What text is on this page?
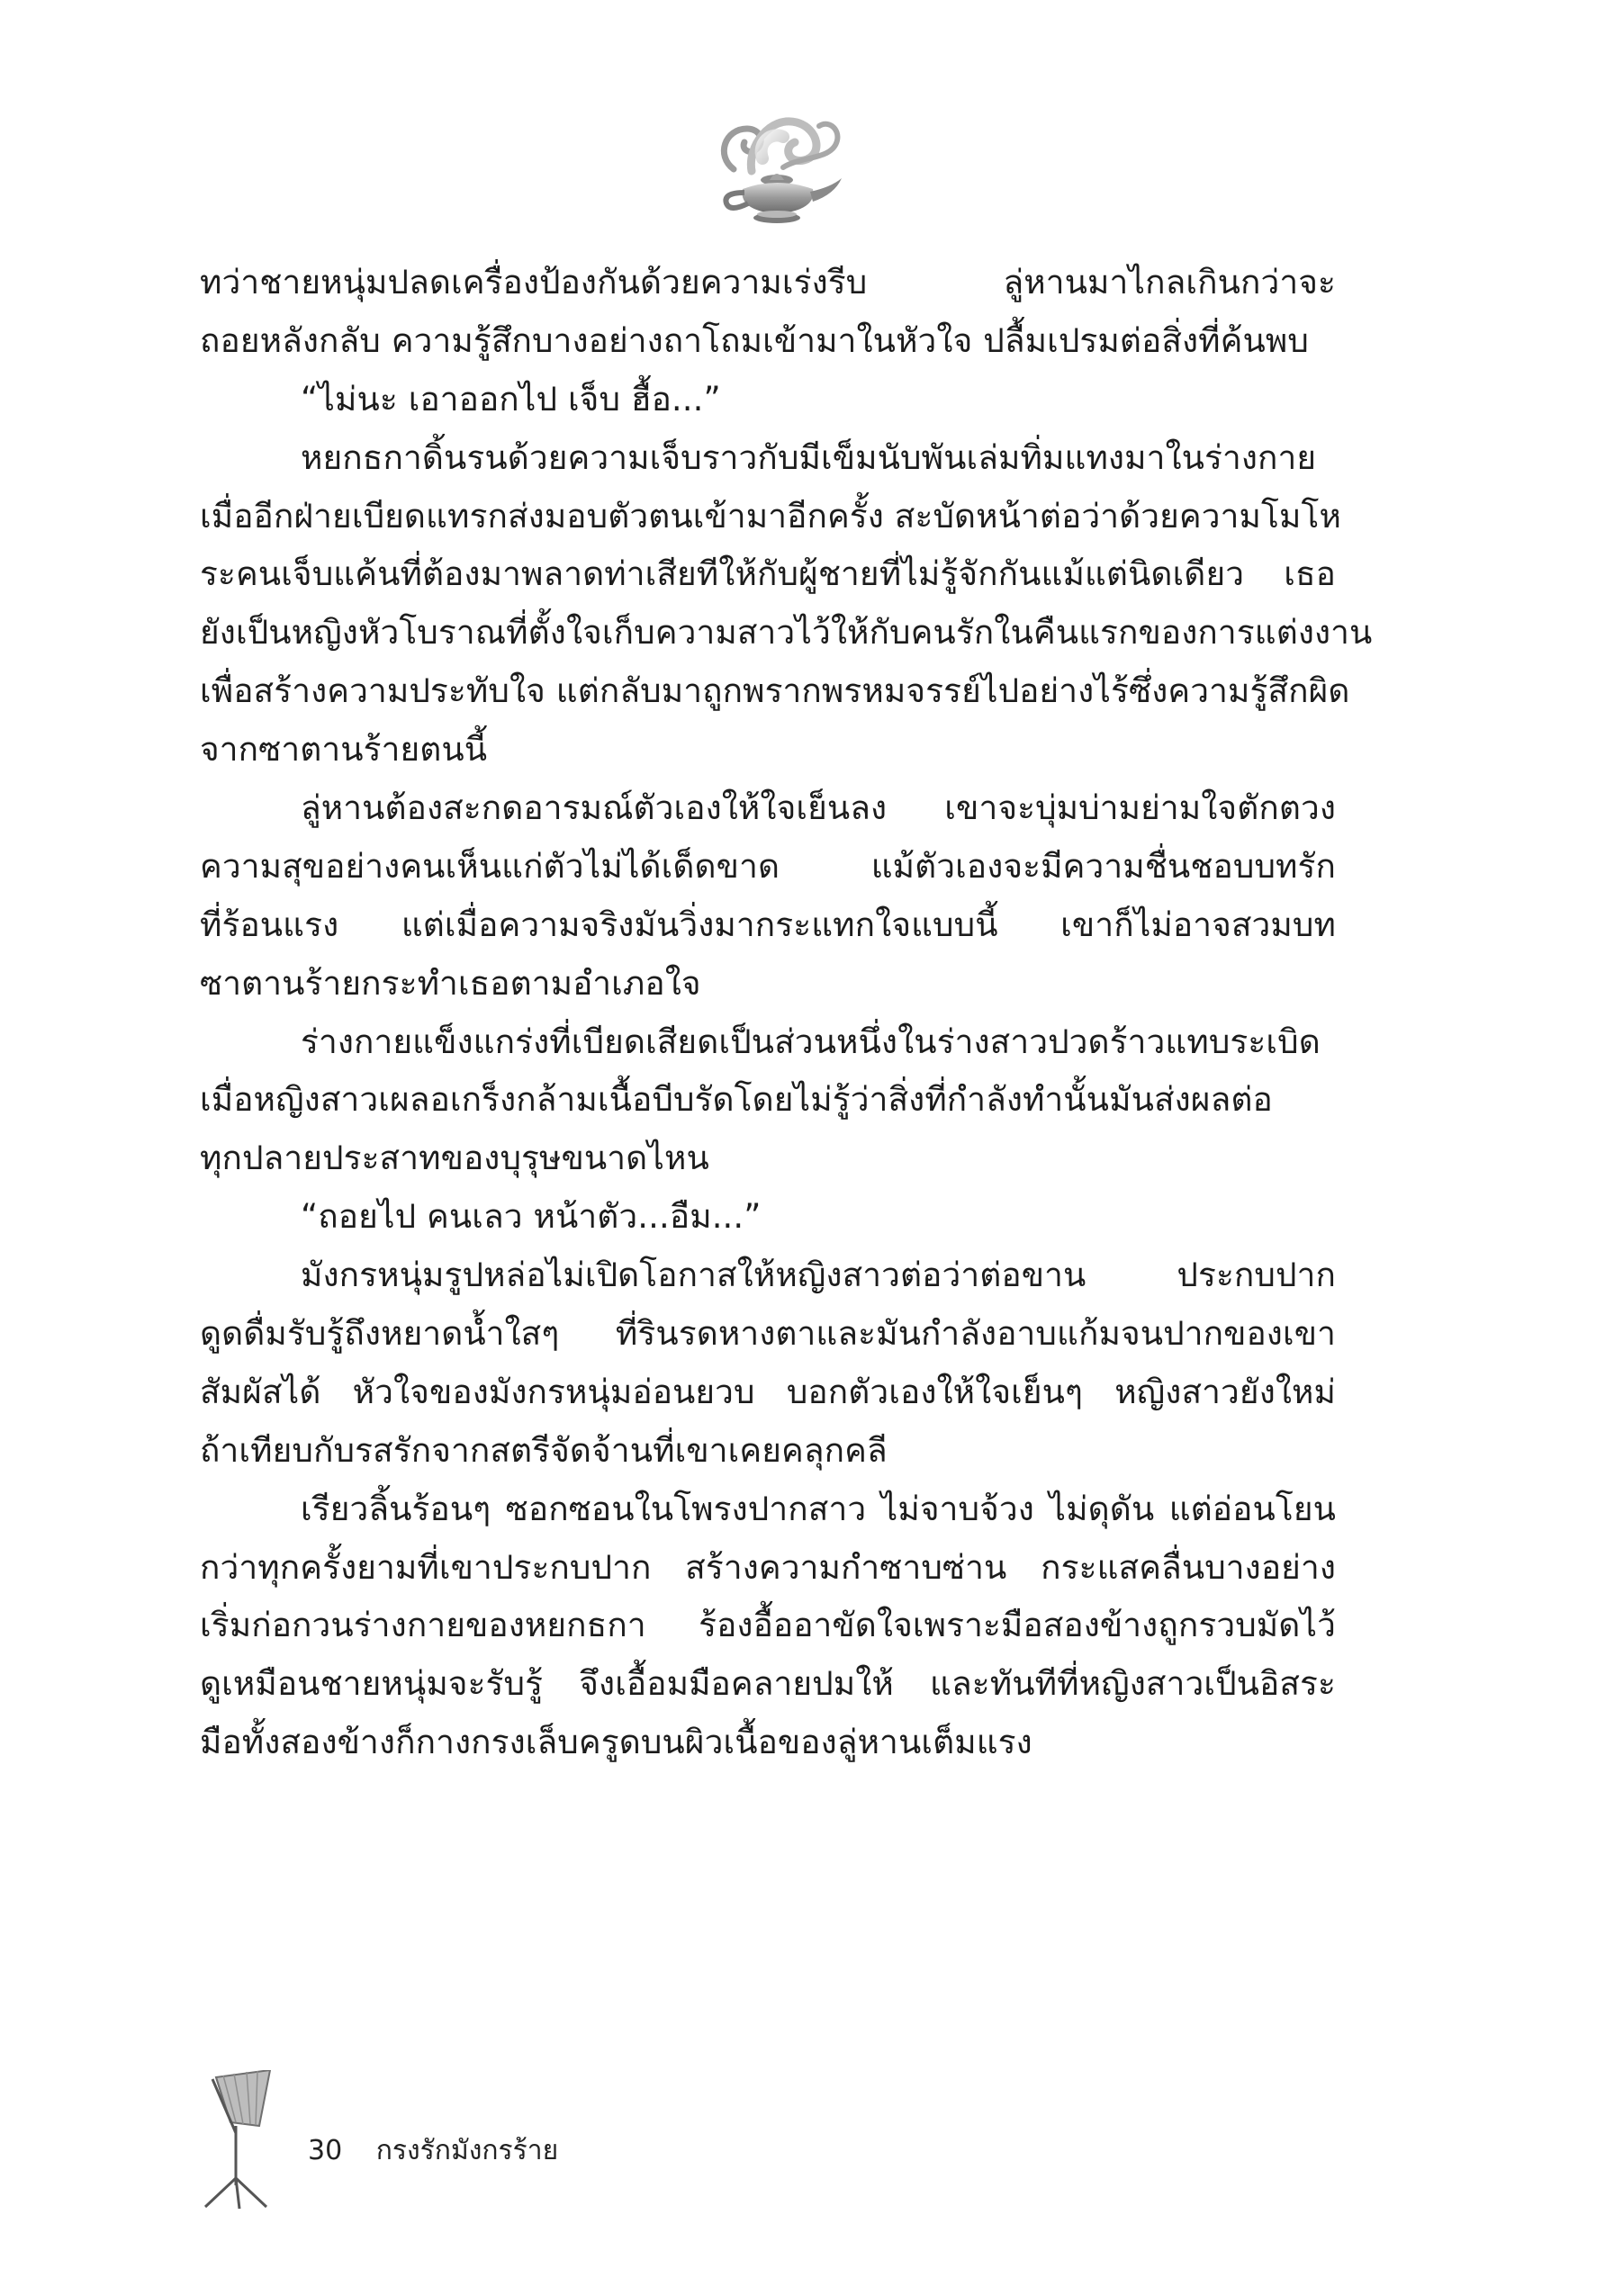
ทว่าชายหนุ่มปลดเครื่องป้องกันด้วยความเร่งรีบ ลู่หานมาไกลเกินกว่าจะ
ถอยหลังกลับ ความรู้สึกบางอย่างถาโถมเข้ามาในหัวใจ ปลื้มเปรมต่อสิ่งที่ค้นพบ
“ไม่นะ เอาออกไป เจ็บ ฮื้อ...”
หยกธกาดิ้นรนด้วยความเจ็บราวกับมีเข็มนับพันเล่มทิ่มแทงมาในร่างกาย
เมื่ออีกฝ่ายเบียดแทรกส่งมอบตัวตนเข้ามาอีกครั้ง สะบัดหน้าต่อว่าด้วยความโมโห
ระคนเจ็บแค้นที่ต้องมาพลาดท่าเสียทีให้กับผู้ชายที่ไม่รู้จักกันแม้แต่นิดเดียว เธอ
ยังเป็นหญิงหัวโบราณที่ตั้งใจเก็บความสาวไว้ให้กับคนรักในคืนแรกของการแต่งงาน
เพื่อสร้างความประทับใจ แต่กลับมาถูกพรากพรหมจรรย์ไปอย่างไร้ซึ่งความรู้สึกผิด
จากซาตานร้ายตนนี้
ลู่หานต้องสะกดอารมณ์ตัวเองให้ใจเย็นลง เขาจะบุ่มบ่ามย่ามใจตักตวง
ความสุขอย่างคนเห็นแก่ตัวไม่ได้เด็ดขาด แม้ตัวเองจะมีความชื่นชอบบทรัก
ที่ร้อนแรง แต่เมื่อความจริงมันวิ่งมากระแทกใจแบบนี้ เขาก็ไม่อาจสวมบท
ซาตานร้ายกระทำเธอตามอำเภอใจ
ร่างกายแข็งแกร่งที่เบียดเสียดเป็นส่วนหนึ่งในร่างสาวปวดร้าวแทบระเบิด
เมื่อหญิงสาวเผลอเกร็งกล้ามเนื้อบีบรัดโดยไม่รู้ว่าสิ่งที่กำลังทำนั้นมันส่งผลต่อ
ทุกปลายประสาทของบุรุษขนาดไหน
“ถอยไป คนเลว หน้าตัว...อืม...”
มังกรหนุ่มรูปหล่อไม่เปิดโอกาสให้หญิงสาวต่อว่าต่อขาน ประกบปาก
ดูดดื่มรับรู้ถึงหยาดน้ำใสๆ ที่รินรดหางตาและมันกำลังอาบแก้มจนปากของเขา
สัมผัสได้ หัวใจของมังกรหนุ่มอ่อนยวบ บอกตัวเองให้ใจเย็นๆ หญิงสาวยังใหม่
ถ้าเทียบกับรสรักจากสตรีจัดจ้านที่เขาเคยคลุกคลี
เรียวลิ้นร้อนๆ ซอกซอนในโพรงปากสาว ไม่จาบจ้วง ไม่ดุดัน แต่อ่อนโยน
กว่าทุกครั้งยามที่เขาประกบปาก สร้างความกำซาบซ่าน กระแสคลื่นบางอย่าง
เริ่มก่อกวนร่างกายของหยกธกา ร้องอื้ออาขัดใจเพราะมือสองข้างถูกรวบมัดไว้
ดูเหมือนชายหนุ่มจะรับรู้ จึงเอื้อมมือคลายปมให้ และทันทีที่หญิงสาวเป็นอิสระ
มือทั้งสองข้างก็กางกรงเล็บครูดบนผิวเนื้อของลู่หานเต็มแรง
30 กรงรักมังกรร้าย
